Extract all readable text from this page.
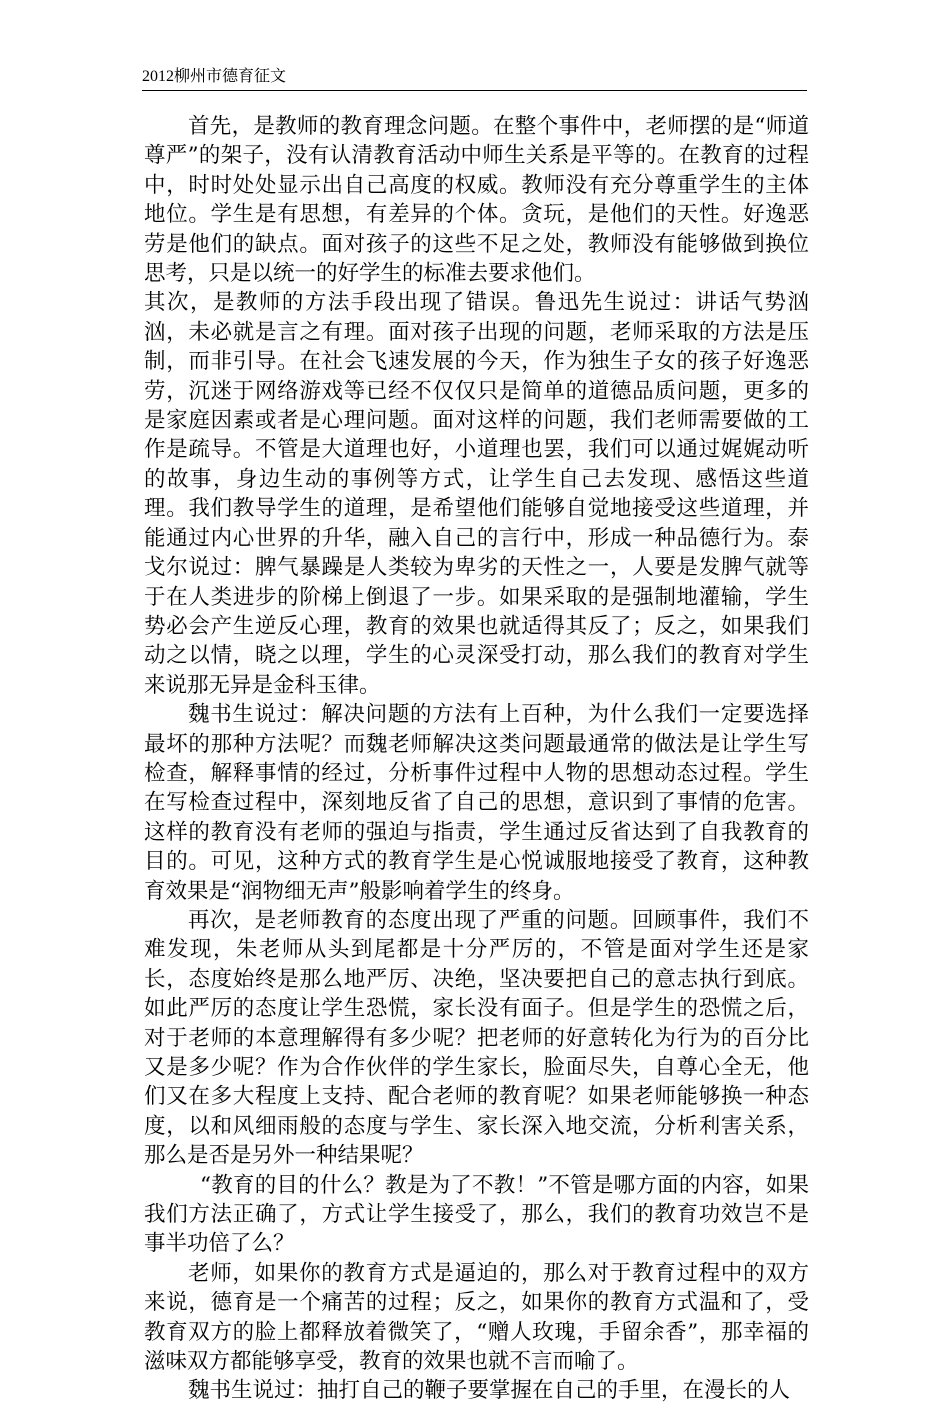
2012柳州市德育征文

首先，是教师的教育理念问题。在整个事件中，老师摆的是“师道尊严”的架子，没有认清教育活动中师生关系是平等的。在教育的过程中，时时处处显示出自己高度的权威。教师没有充分尊重学生的主体地位。学生是有思想，有差异的个体。贪玩，是他们的天性。好逸恶劳是他们的缺点。面对孩子的这些不足之处，教师没有能够做到换位思考，只是以统一的好学生的标准去要求他们。

其次，是教师的方法手段出现了错误。鲁迅先生说过：讲话气势汹汹，未必就是言之有理。面对孩子出现的问题，老师采取的方法是压制，而非引导。在社会飞速发展的今天，作为独生子女的孩子好逸恶劳，沉迷于网络游戏等已经不仅仅只是简单的道德品质问题，更多的是家庭因素或者是心理问题。面对这样的问题，我们老师需要做的工作是疏导。不管是大道理也好，小道理也罢，我们可以通过娓娓动听的故事，身边生动的事例等方式，让学生自己去发现、感悟这些道理。我们教导学生的道理，是希望他们能够自觉地接受这些道理，并能通过内心世界的升华，融入自己的言行中，形成一种品德行为。泰戈尔说过：脾气暴躁是人类较为卑劣的天性之一，人要是发脾气就等于在人类进步的阶梯上倒退了一步。如果采取的是强制地灌输，学生势必会产生逆反心理，教育的效果也就适得其反了；反之，如果我们动之以情，晓之以理，学生的心灵深受打动，那么我们的教育对学生来说那无异是金科玉律。

魏书生说过：解决问题的方法有上百种，为什么我们一定要选择最坏的那种方法呢？而魏老师解决这类问题最通常的做法是让学生写检查，解释事情的经过，分析事件过程中人物的思想动态过程。学生在写检查过程中，深刻地反省了自己的思想，意识到了事情的危害。这样的教育没有老师的强迫与指责，学生通过反省达到了自我教育的目的。可见，这种方式的教育学生是心悦诚服地接受了教育，这种教育效果是“润物细无声”般影响着学生的终身。

再次，是老师教育的态度出现了严重的问题。回顾事件，我们不难发现，朱老师从头到尾都是十分严厉的，不管是面对学生还是家长，态度始终是那么地严厉、决绝，坚决要把自己的意志执行到底。如此严厉的态度让学生恐慌，家长没有面子。但是学生的恐慌之后，对于老师的本意理解得有多少呢？把老师的好意转化为行为的百分比又是多少呢？作为合作伙伴的学生家长，脸面尽失，自尊心全无，他们又在多大程度上支持、配合老师的教育呢？如果老师能够换一种态度，以和风细雨般的态度与学生、家长深入地交流，分析利害关系，那么是否是另外一种结果呢？

“教育的目的什么？教是为了不教！”不管是哪方面的内容，如果我们方法正确了，方式让学生接受了，那么，我们的教育功效岂不是事半功倍了么？

老师，如果你的教育方式是逼迫的，那么对于教育过程中的双方来说，德育是一个痛苦的过程；反之，如果你的教育方式温和了，受教育双方的脸上都释放着微笑了，“赠人玫瑰，手留余香”，那幸福的滋味双方都能够享受，教育的效果也就不言而喻了。

魏书生说过：抽打自己的鞭子要掌握在自己的手里，在漫长的人
